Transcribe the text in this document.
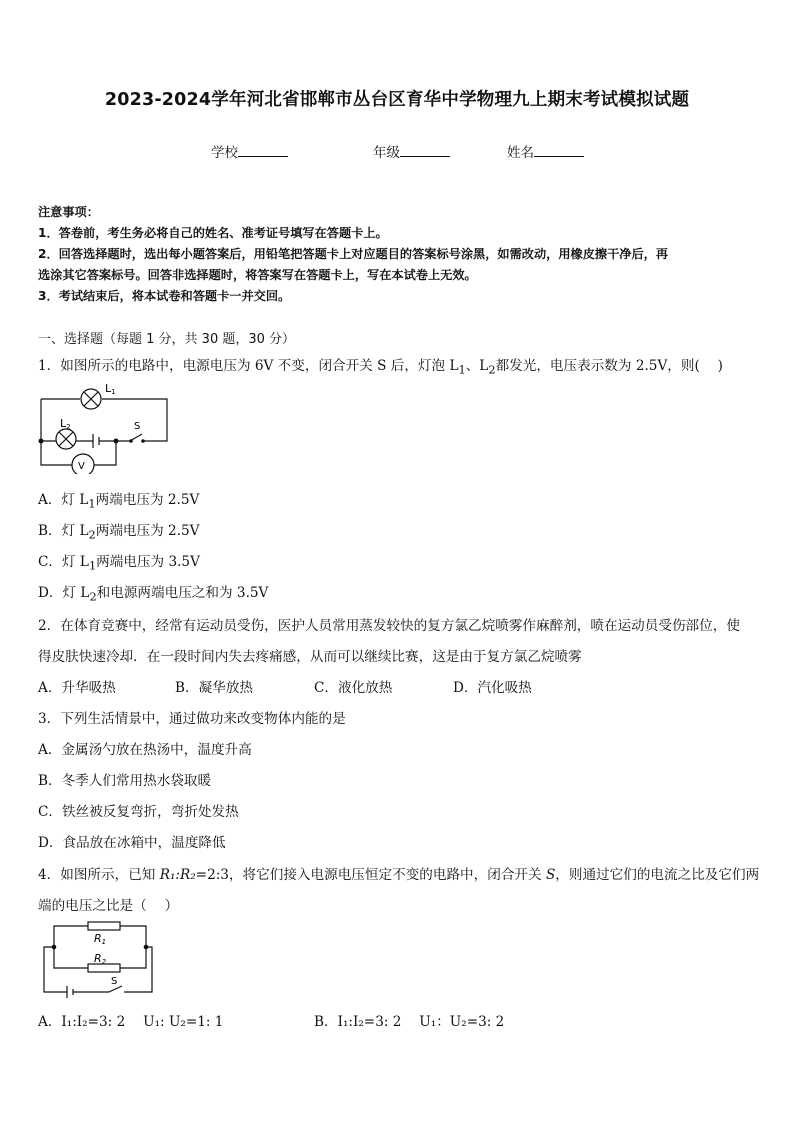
2023-2024学年河北省邯郸市丛台区育华中学物理九上期末考试模拟试题
学校	年级	姓名
注意事项：
1．答卷前，考生务必将自己的姓名、准考证号填写在答题卡上。
2．回答选择题时，选出每小题答案后，用铅笔把答题卡上对应题目的答案标号涂黑，如需改动，用橡皮擦干净后，再
选涂其它答案标号。回答非选择题时，将答案写在答题卡上，写在本试卷上无效。
3．考试结束后，将本试卷和答题卡一并交回。
一、选择题（每题 1 分，共 30 题，30 分）
1．如图所示的电路中，电源电压为 6V 不变，闭合开关 S 后，灯泡 $L_1$、$L_2$都发光，电压表示数为 2.5V，则(　 )
L1
L2	S
V
A．灯 $L_1$两端电压为 2.5V
B．灯 $L_2$两端电压为 2.5V
C．灯 $L_1$两端电压为 3.5V
D．灯 $L_2$和电源两端电压之和为 3.5V
2．在体育竞赛中，经常有运动员受伤，医护人员常用蒸发较快的复方氯乙烷喷雾作麻醉剂，喷在运动员受伤部位，使
得皮肤快速冷却．在一段时间内失去疼痛感，从而可以继续比赛，这是由于复方氯乙烷喷雾
A．升华吸热	B．凝华放热	C．液化放热	D．汽化吸热
3．下列生活情景中，通过做功来改变物体内能的是
A．金属汤勺放在热汤中，温度升高
B．冬季人们常用热水袋取暖
C．铁丝被反复弯折，弯折处发热
D．食品放在冰箱中，温度降低
4．如图所示，已知 R₁:R₂=2:3，将它们接入电源电压恒定不变的电路中，闭合开关 S，则通过它们的电流之比及它们两
端的电压之比是（　 ）
R1
R2
S
A．I₁:I₂=3: 2　 U₁: U₂=1: 1	B．I₁:I₂=3: 2　 U₁：U₂=3: 2
